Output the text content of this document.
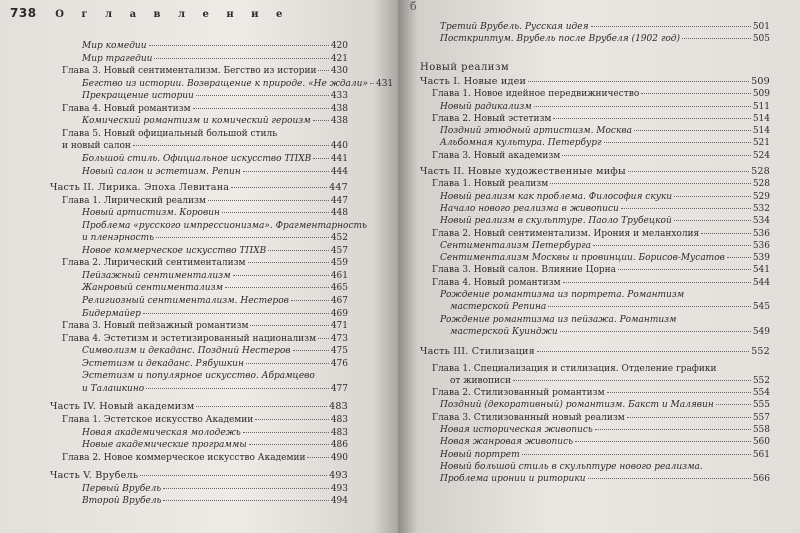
738 О г л а в л е н и е
Мир комедии	420
Мир трагедии	421
Глава 3. Новый сентиментализм. Бегство из истории 430
Бегство из истории. Возвращение к природе. «Не ждали» 431
Прекращение истории	433
Глава 4. Новый романтизм	438
Комический романтизм и комический героизм 438
Глава 5. Новый официальный большой стиль
и новый салон	440
Большой стиль. Официальное искусство ТПХВ 441
Новый салон и эстетизм. Репин	444
Часть II. Лирика. Эпоха Левитана	447
Глава 1. Лирический реализм	447
Новый артистизм. Коровин	448
Проблема «русского импрессионизма». Фрагментарность
и пленэрность	452
Новое коммерческое искусство ТПХВ	457
Глава 2. Лирический сентиментализм	459
Пейзажный сентиментализм	461
Жанровый сентиментализм	465
Религиозный сентиментализм. Нестеров	467
Бидермайер	469
Глава 3. Новый пейзажный романтизм	471
Глава 4. Эстетизм и эстетизированный национализм 473
Символизм и декаданс. Поздний Нестеров	475
Эстетизм и декаданс. Рябушкин	476
Эстетизм и популярное искусство. Абрамцево
и Талашкино	477
Часть IV. Новый академизм	483
Глава 1. Эстетское искусство Академии	483
Новая академическая молодежь	483
Новые академические программы	486
Глава 2. Новое коммерческое искусство Академии	490
Часть V. Врубель	493
Первый Врубель	493
Второй Врубель	494
б
Третий Врубель. Русская идея	501
Посткриптум. Врубель после Врубеля (1902 год)	505
Новый реализм
Часть I. Новые идеи	509
Глава 1. Новое идейное передвижничество	509
Новый радикализм	511
Глава 2. Новый эстетизм	514
Поздний этюдный артистизм. Москва	514
Альбомная культура. Петербург	521
Глава 3. Новый академизм	524
Часть II. Новые художественные мифы	528
Глава 1. Новый реализм	528
Новый реализм как проблема. Философия скуки	529
Начало нового реализма в живописи	532
Новый реализм в скульптуре. Паоло Трубецкой	534
Глава 2. Новый сентиментализм. Ирония и меланхолия	536
Сентиментализм Петербурга	536
Сентиментализм Москвы и провинции. Борисов-Мусатов	539
Глава 3. Новый салон. Влияние Цорна	541
Глава 4. Новый романтизм	544
Рождение романтизма из портрета. Романтизм
мастерской Репина	545
Рождение романтизма из пейзажа. Романтизм
мастерской Куинджи	549
Часть III. Стилизация	552
Глава 1. Специализация и стилизация. Отделение графики
от живописи	552
Глава 2. Стилизованный романтизм	554
Поздний (декоративный) романтизм. Бакст и Малявин	555
Глава 3. Стилизованный новый реализм	557
Новая историческая живопись	558
Новая жанровая живопись	560
Новый портрет	561
Новый большой стиль в скульптуре нового реализма.
Проблема иронии и риторики	566
